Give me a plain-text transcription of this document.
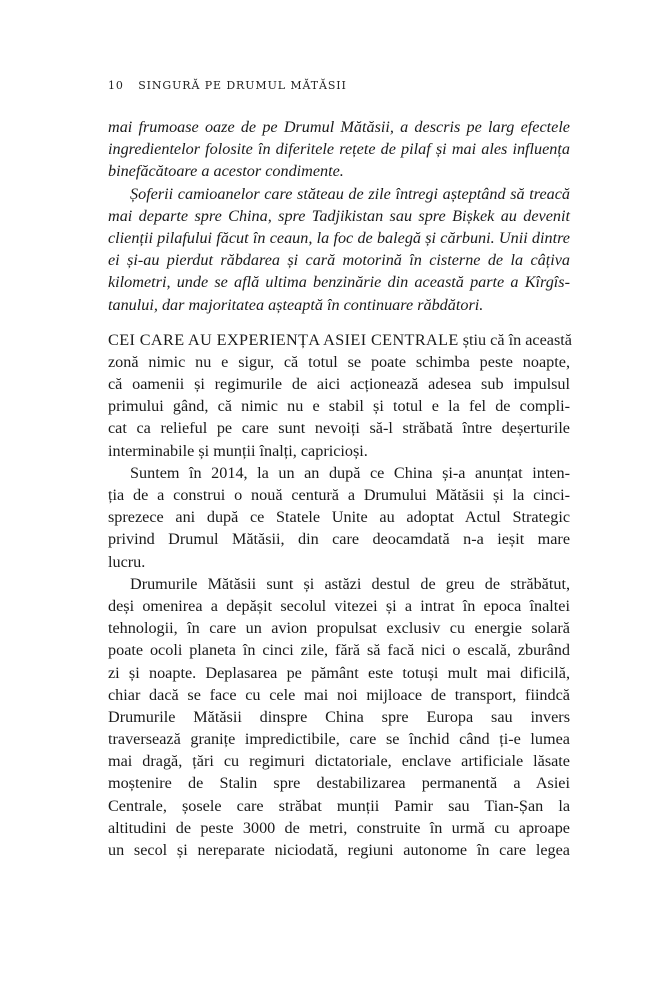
10 SINGURĂ PE DRUMUL MĂTĂSII
mai frumoase oaze de pe Drumul Mătăsii, a descris pe larg efectele
ingredientelor folosite în diferitele rețete de pilaf și mai ales influența
binefăcătoare a acestor condimente.
Șoferii camioanelor care stăteau de zile întregi așteptând să treacă
mai departe spre China, spre Tadjikistan sau spre Bișkek au devenit
clienții pilafului făcut în ceaun, la foc de balegă și cărbuni. Unii dintre
ei și-au pierdut răbdarea și cară motorină în cisterne de la câțiva
kilometri, unde se află ultima benzinărie din această parte a Kîrgîs-
tanului, dar majoritatea așteaptă în continuare răbdători.
CEI CARE AU EXPERIENȚA ASIEI CENTRALE știu că în această
zonă nimic nu e sigur, că totul se poate schimba peste noapte,
că oamenii și regimurile de aici acționează adesea sub impulsul
primului gând, că nimic nu e stabil și totul e la fel de compli-
cat ca relieful pe care sunt nevoiți să-l străbată între deșerturile
interminabile și munții înalți, capricioși.
Suntem în 2014, la un an după ce China și-a anunțat inten-
ția de a construi o nouă centură a Drumului Mătăsii și la cinci-
sprezece ani după ce Statele Unite au adoptat Actul Strategic
privind Drumul Mătăsii, din care deocamdată n-a ieșit mare
lucru.
Drumurile Mătăsii sunt și astăzi destul de greu de străbătut,
deși omenirea a depășit secolul vitezei și a intrat în epoca înaltei
tehnologii, în care un avion propulsat exclusiv cu energie solară
poate ocoli planeta în cinci zile, fără să facă nici o escală, zburând
zi și noapte. Deplasarea pe pământ este totuși mult mai dificilă,
chiar dacă se face cu cele mai noi mijloace de transport, fiindcă
Drumurile Mătăsii dinspre China spre Europa sau invers
traversează granițe impredictibile, care se închid când ți-e lumea
mai dragă, țări cu regimuri dictatoriale, enclave artificiale lăsate
moștenire de Stalin spre destabilizarea permanentă a Asiei
Centrale, șosele care străbat munții Pamir sau Tian-Șan la
altitudini de peste 3000 de metri, construite în urmă cu aproape
un secol și nereparate niciodată, regiuni autonome în care legea
